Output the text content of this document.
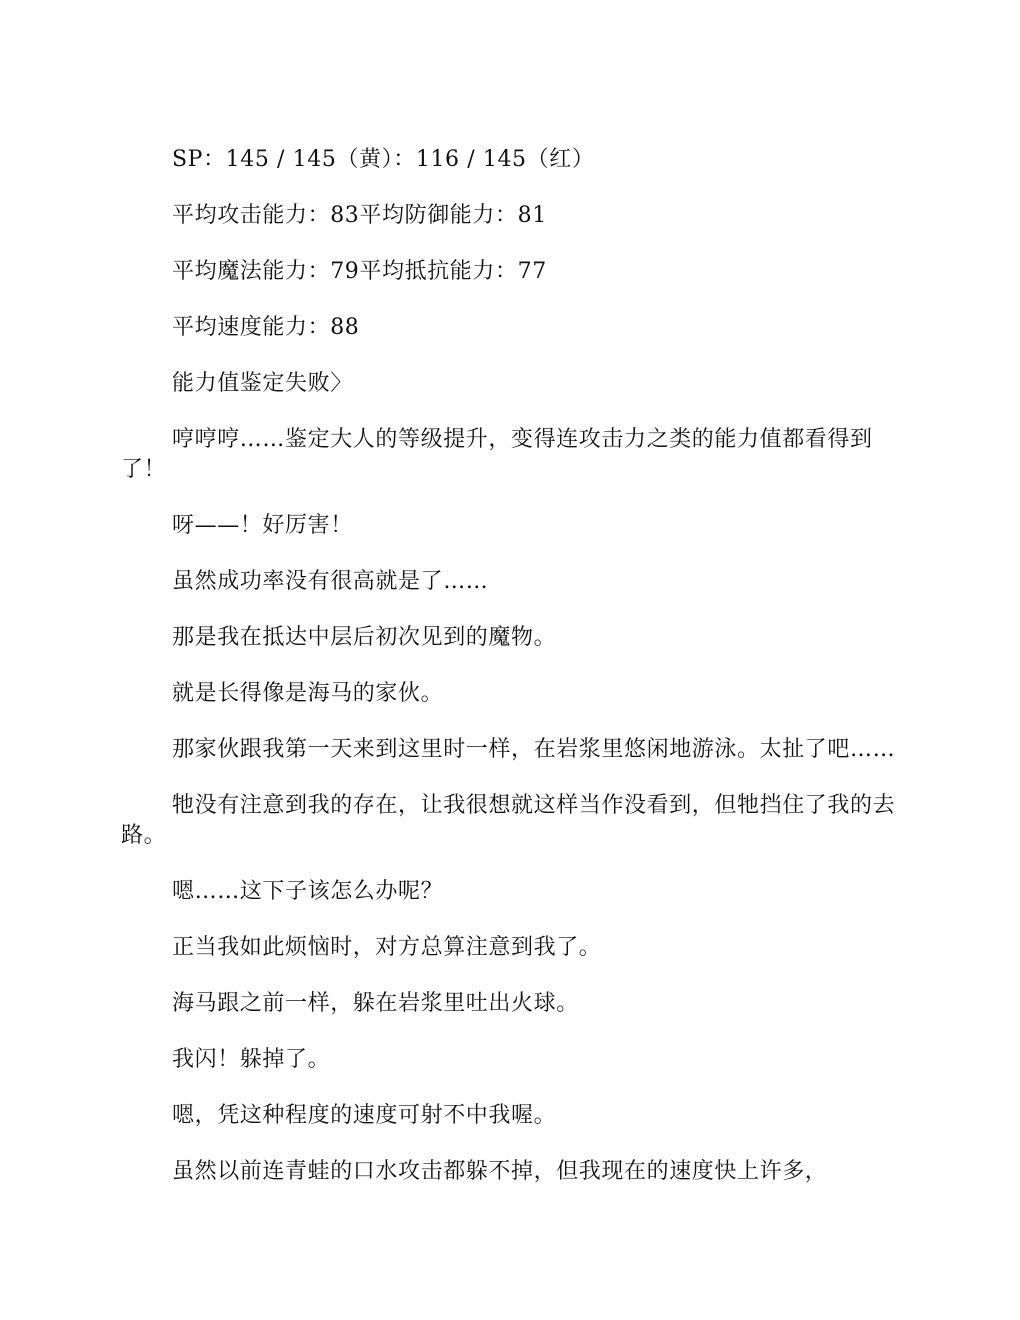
SP：145 / 145（黄）：116 / 145（红）

平均攻击能力：83平均防御能力：81

平均魔法能力：79平均抵抗能力：77

平均速度能力：88

能力值鉴定失败〉

哼哼哼……鉴定大人的等级提升，变得连攻击力之类的能力值都看得到了！

呀——！好厉害！

虽然成功率没有很高就是了……

那是我在抵达中层后初次见到的魔物。

就是长得像是海马的家伙。

那家伙跟我第一天来到这里时一样，在岩浆里悠闲地游泳。太扯了吧……

牠没有注意到我的存在，让我很想就这样当作没看到，但牠挡住了我的去路。

嗯……这下子该怎么办呢？

正当我如此烦恼时，对方总算注意到我了。

海马跟之前一样，躲在岩浆里吐出火球。

我闪！躲掉了。

嗯，凭这种程度的速度可射不中我喔。

虽然以前连青蛙的口水攻击都躲不掉，但我现在的速度快上许多，
